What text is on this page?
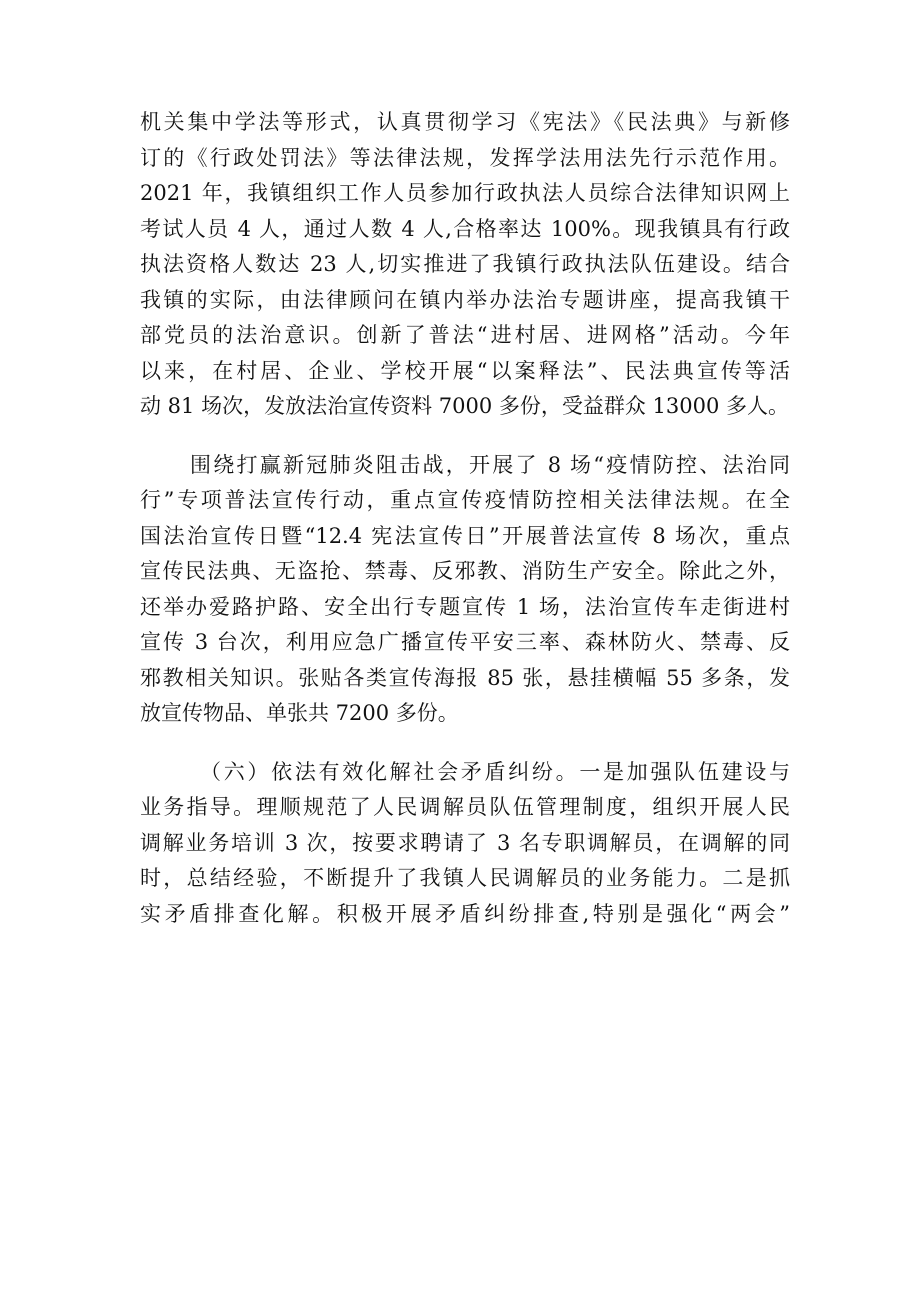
机关集中学法等形式，认真贯彻学习《宪法》《民法典》与新修
订的《行政处罚法》等法律法规，发挥学法用法先行示范作用。
2021 年，我镇组织工作人员参加行政执法人员综合法律知识网上
考试人员 4 人，通过人数 4 人,合格率达 100%。现我镇具有行政
执法资格人数达 23 人,切实推进了我镇行政执法队伍建设。结合
我镇的实际，由法律顾问在镇内举办法治专题讲座，提高我镇干
部党员的法治意识。创新了普法“进村居、进网格”活动。今年
以来，在村居、企业、学校开展“以案释法”、民法典宣传等活
动 81 场次，发放法治宣传资料 7000 多份，受益群众 13000 多人。
围绕打赢新冠肺炎阻击战，开展了 8 场“疫情防控、法治同
行”专项普法宣传行动，重点宣传疫情防控相关法律法规。在全
国法治宣传日暨“12.4 宪法宣传日”开展普法宣传 8 场次，重点
宣传民法典、无盗抢、禁毒、反邪教、消防生产安全。除此之外，
还举办爱路护路、安全出行专题宣传 1 场，法治宣传车走街进村
宣传 3 台次，利用应急广播宣传平安三率、森林防火、禁毒、反
邪教相关知识。张贴各类宣传海报 85 张，悬挂横幅 55 多条，发
放宣传物品、单张共 7200 多份。
（六）依法有效化解社会矛盾纠纷。一是加强队伍建设与
业务指导。理顺规范了人民调解员队伍管理制度，组织开展人民
调解业务培训 3 次，按要求聘请了 3 名专职调解员，在调解的同
时，总结经验，不断提升了我镇人民调解员的业务能力。二是抓
实矛盾排查化解。积极开展矛盾纠纷排查,特别是强化“两会”
